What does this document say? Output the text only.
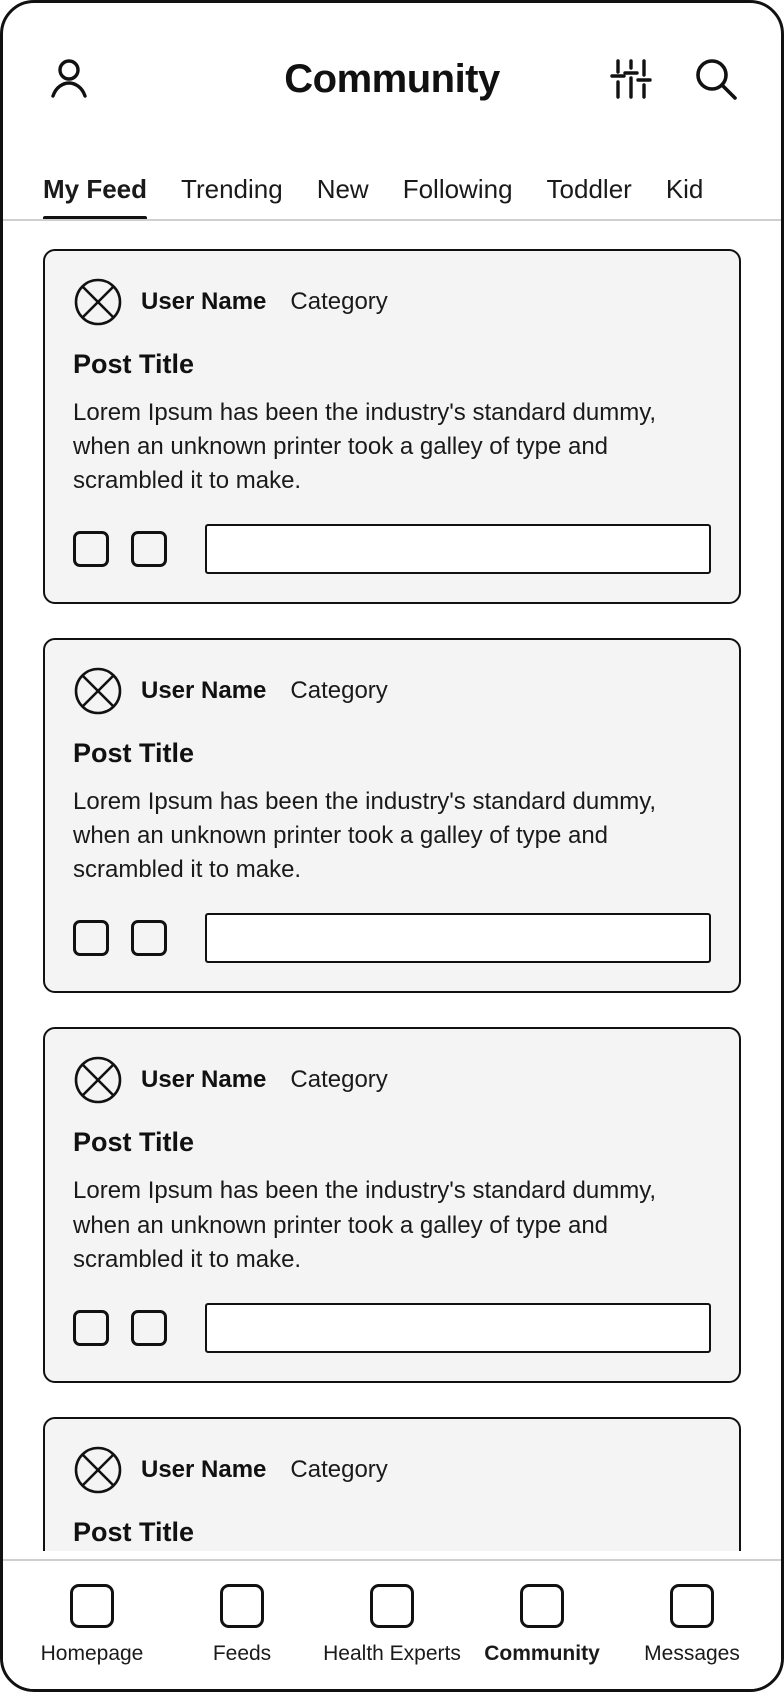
Community
My Feed Trending New Following Toddler Kid
User Name Category
Post Title
Lorem Ipsum has been the industry's standard dummy, when an unknown printer took a galley of type and scrambled it to make.
User Name Category
Post Title
Lorem Ipsum has been the industry's standard dummy, when an unknown printer took a galley of type and scrambled it to make.
User Name Category
Post Title
Lorem Ipsum has been the industry's standard dummy, when an unknown printer took a galley of type and scrambled it to make.
User Name Category
Post Title
Homepage	Feeds Health Experts Community Messages
